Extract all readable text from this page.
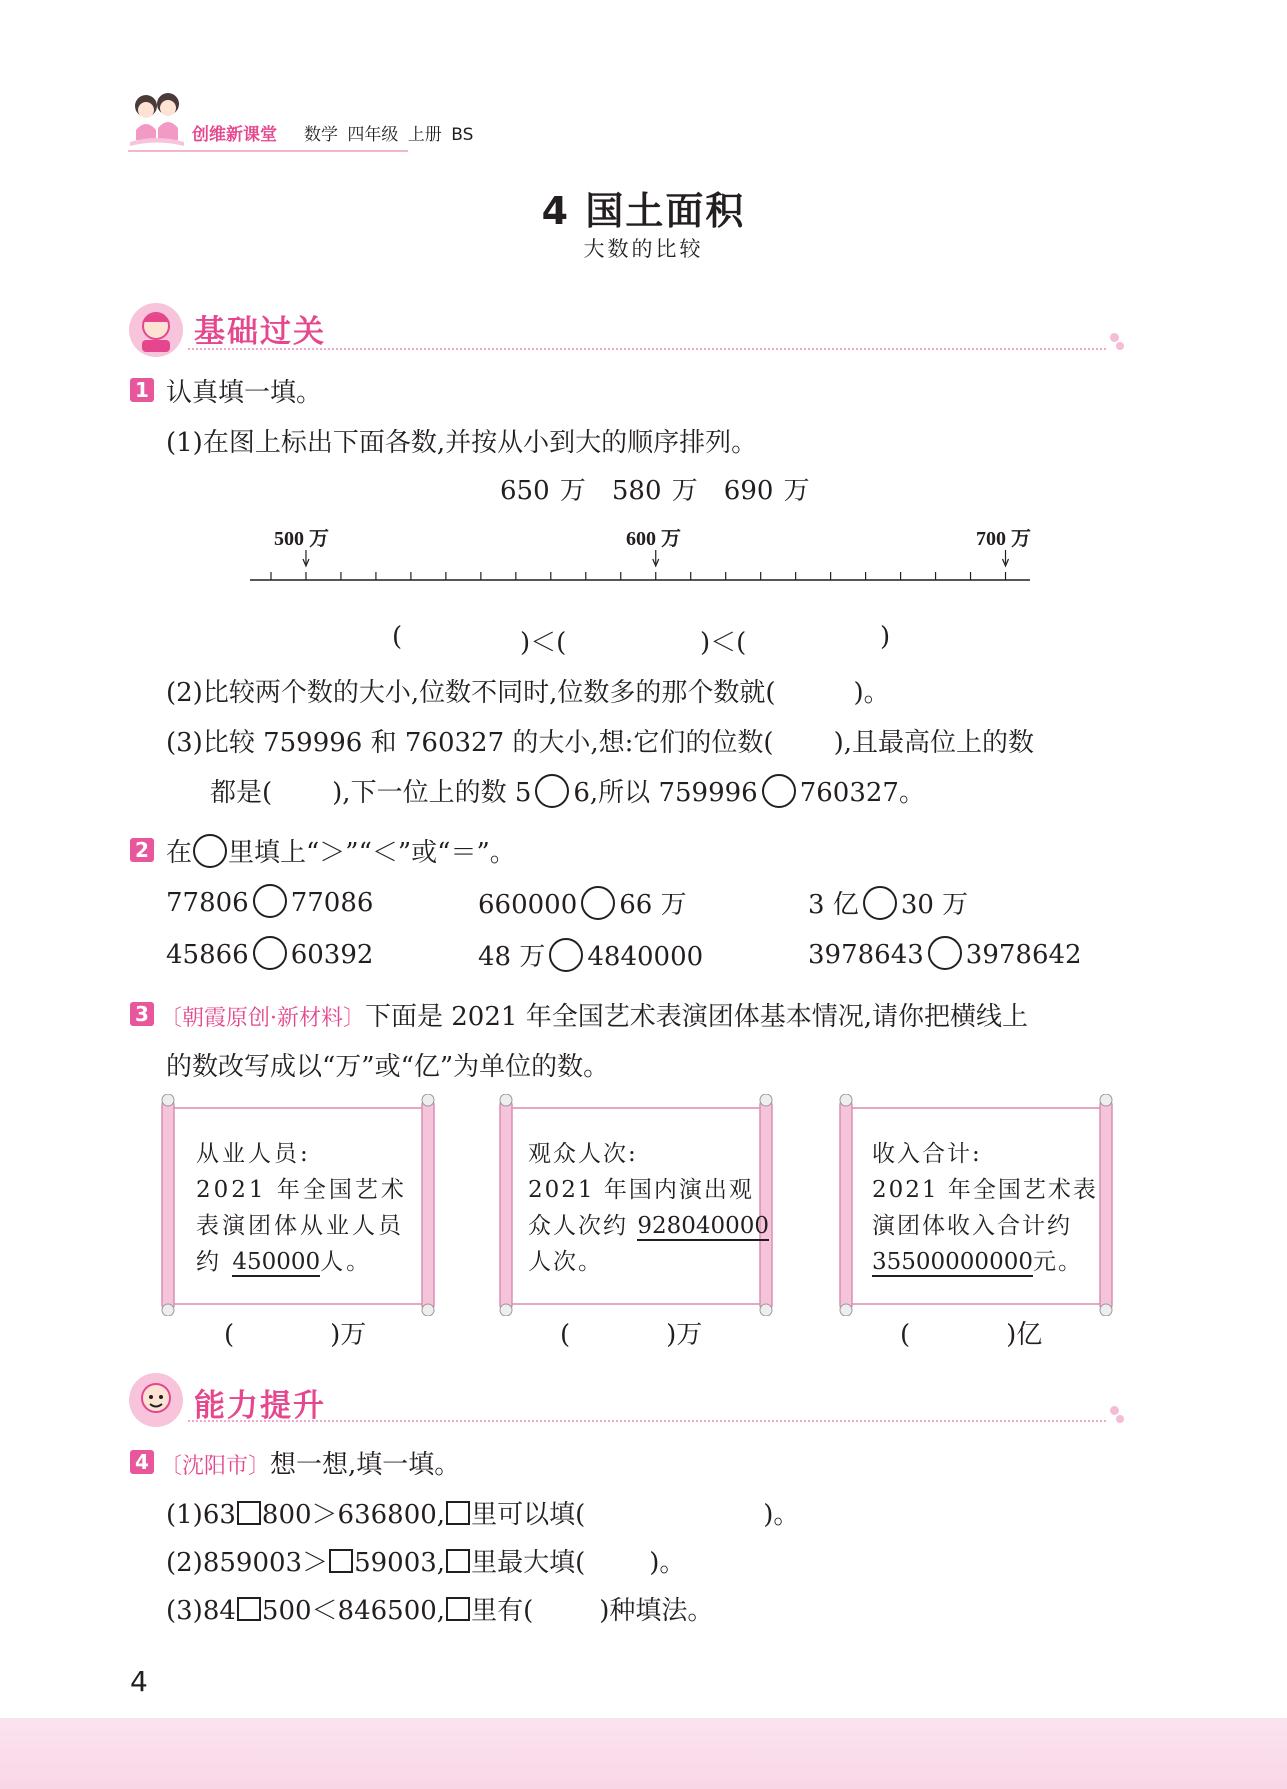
创维新课堂 数学 四年级 上册 BS
4 国土面积
大数的比较
基础过关
1 认真填一填。
(1)在图上标出下面各数,并按从小到大的顺序排列。
650 万　580 万　690 万
500 万	600 万	700 万
(	)＜(	)＜(	)
(2)比较两个数的大小,位数不同时,位数多的那个数就(	)。
(3)比较 759996 和 760327 的大小,想:它们的位数( ),且最高位上的数
都是( ),下一位上的数 5 6,所以 759996 760327。
2 在 里填上“＞”“＜”或“＝”。
77806 77086	660000 66 万	3 亿 30 万
45866 60392	48 万 4840000	3978643 3978642
3 〔朝霞原创·新材料〕下面是 2021 年全国艺术表演团体基本情况,请你把横线上
的数改写成以“万”或“亿”为单位的数。
从业人员:
2021 年全国艺术
表演团体从业人员
约 450000人。
(	)万
观众人次:
2021 年国内演出观
众人次约 928040000
人次。
(	)万
收入合计:
2021 年全国艺术表
演团体收入合计约
35500000000元。
(	)亿
能力提升
4 〔沈阳市〕想一想,填一填。
(1)63 800＞636800, 里可以填(	)。
(2)859003＞ 59003, 里最大填( )。
(3)84 500＜846500, 里有(	)种填法。
4
